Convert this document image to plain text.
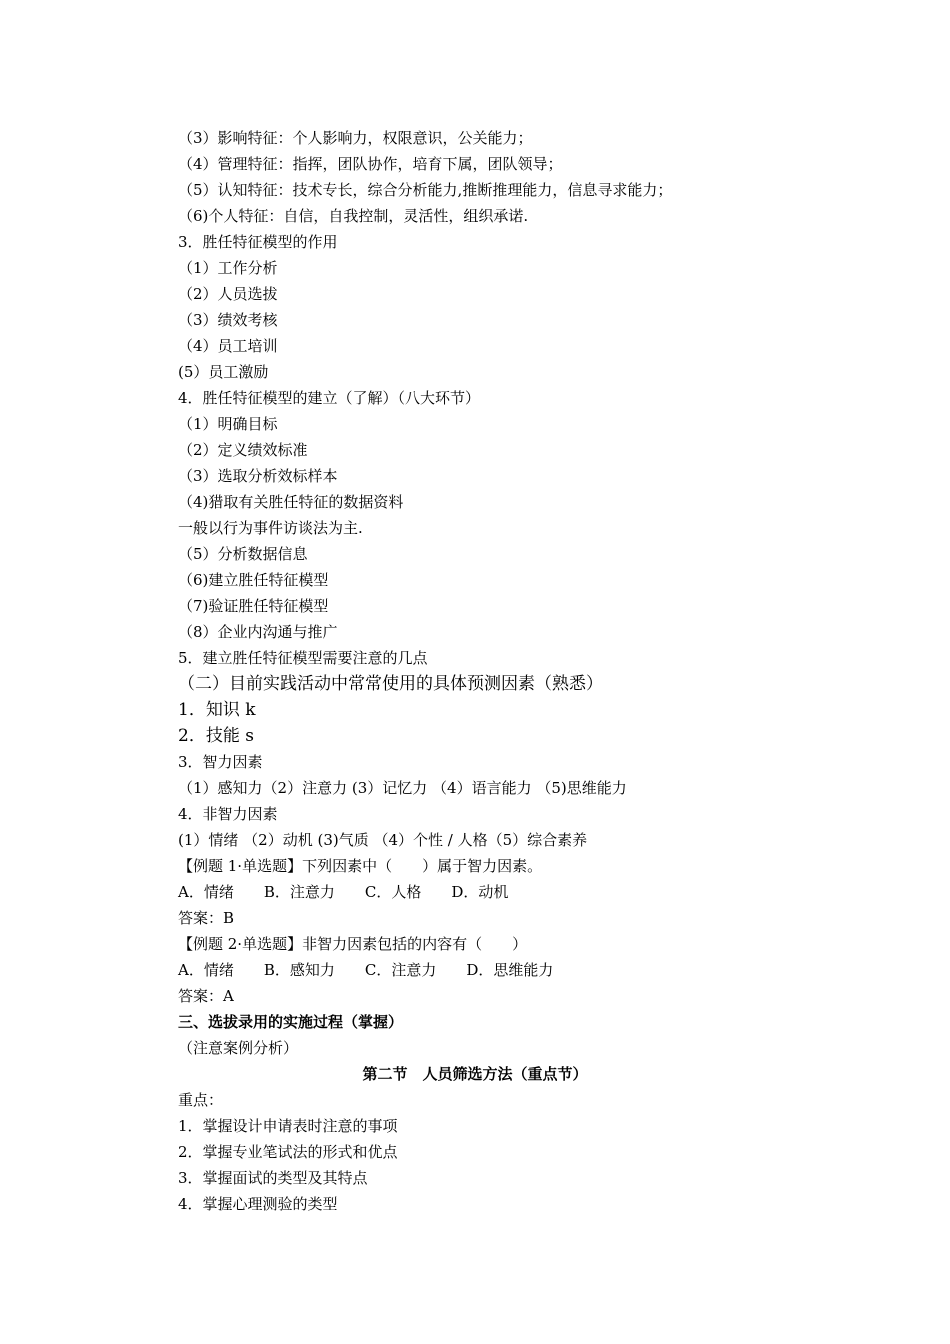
（3）影响特征：个人影响力，权限意识，公关能力；
（4）管理特征：指挥，团队协作，培育下属，团队领导；
（5）认知特征：技术专长，综合分析能力,推断推理能力，信息寻求能力；
（6)个人特征：自信，自我控制，灵活性，组织承诺.
3．胜任特征模型的作用
（1）工作分析
（2）人员选拔
（3）绩效考核
（4）员工培训
(5）员工激励
4．胜任特征模型的建立（了解）（八大环节）
（1）明确目标
（2）定义绩效标准
（3）选取分析效标样本
（4)猎取有关胜任特征的数据资料
一般以行为事件访谈法为主.
（5）分析数据信息
（6)建立胜任特征模型
（7)验证胜任特征模型
（8）企业内沟通与推广
5．建立胜任特征模型需要注意的几点
（二）目前实践活动中常常使用的具体预测因素（熟悉）
1．知识 k
2．技能 s
3．智力因素
（1）感知力（2）注意力 (3）记忆力 （4）语言能力 （5)思维能力
4．非智力因素
(1）情绪 （2）动机 (3)气质 （4）个性 / 人格（5）综合素养
【例题 1·单选题】下列因素中（　　）属于智力因素。
A．情绪　　B．注意力　　C．人格　　D．动机
答案：B
【例题 2·单选题】非智力因素包括的内容有（　　）
A．情绪　　B．感知力　　C．注意力　　D．思维能力
答案：A
三、选拔录用的实施过程（掌握）
（注意案例分析）
第二节　人员筛选方法（重点节）
重点：
1．掌握设计申请表时注意的事项
2．掌握专业笔试法的形式和优点
3．掌握面试的类型及其特点
4．掌握心理测验的类型
